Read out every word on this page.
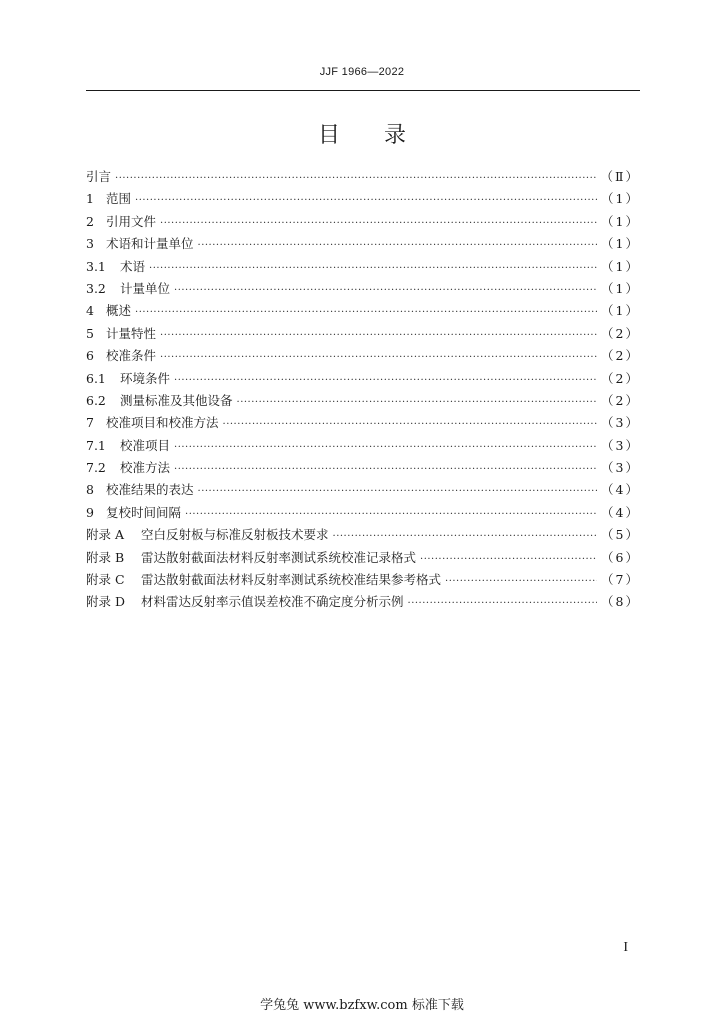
JJF 1966—2022
目录
引言 ·····	（Ⅱ）
1 范围 ·····	（1）
2 引用文件 ·····	（1）
3 术语和计量单位 ·····	（1）
3.1	术语 ·····	（1）
3.2	计量单位 ·····	（1）
4 概述 ·····	（1）
5 计量特性 ·····	（2）
6 校准条件 ·····	（2）
6.1	环境条件 ·····	（2）
6.2	测量标准及其他设备 ·····	（2）
7 校准项目和校准方法 ·····	（3）
7.1	校准项目 ·····	（3）
7.2	校准方法 ·····	（3）
8 校准结果的表达 ·····	（4）
9 复校时间间隔 ·····	（4）
附录 A	空白反射板与标准反射板技术要求 ·····	（5）
附录 B	雷达散射截面法材料反射率测试系统校准记录格式 ·····	（6）
附录 C	雷达散射截面法材料反射率测试系统校准结果参考格式 ·····	（7）
附录 D	材料雷达反射率示值误差校准不确定度分析示例 ·····	（8）
I
学兔兔 www.bzfxw.com 标准下载
